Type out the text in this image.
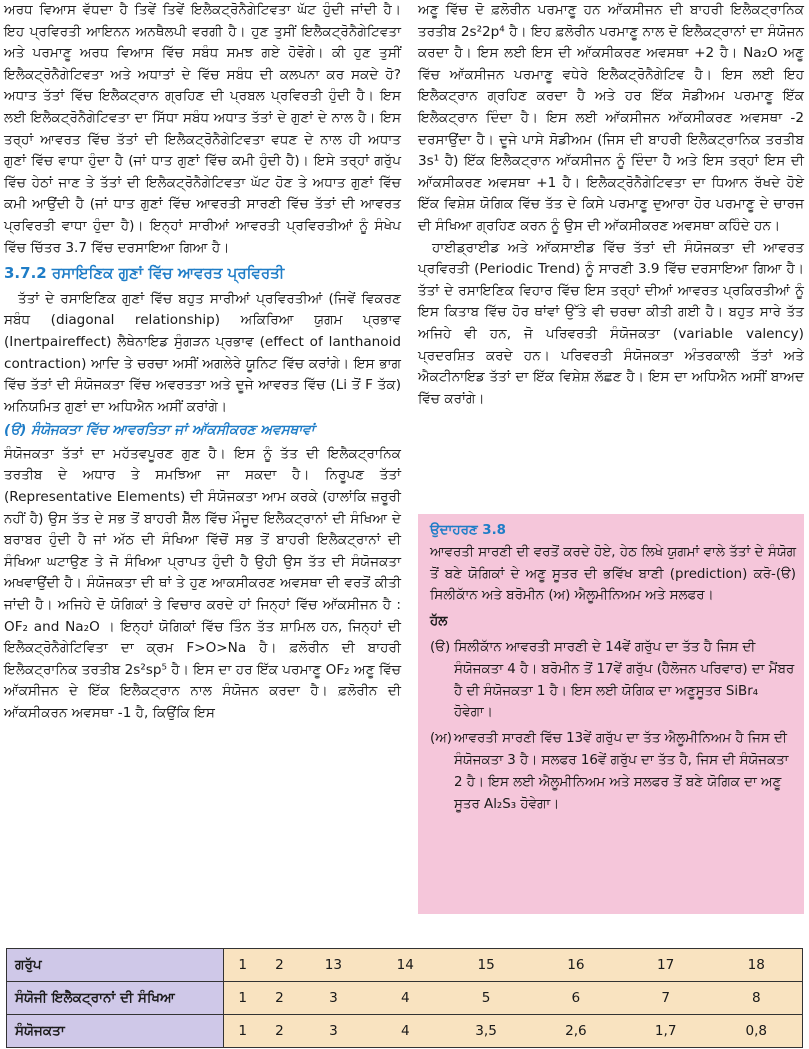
ਅਰਧ ਵਿਆਸ ਵੱਧਦਾ ਹੈ ਤਿਵੇਂ ਤਿਵੇਂ ਇਲੈਕਟ੍ਰੋਨੈਗੇਟਿਵਤਾ ਘੱਟ ਹੁੰਦੀ ਜਾਂਦੀ ਹੈ। ਇਹ ਪ੍ਰਵਿਰਤੀ ਆਇਨਨ ਅਨਥੈਲਪੀ ਵਰਗੀ ਹੈ। ਹੁਣ ਤੁਸੀਂ ਇਲੈਕਟ੍ਰੋਨੈਗੇਟਿਵਤਾ ਅਤੇ ਪਰਮਾਣੂ ਅਰਧ ਵਿਆਸ ਵਿੱਚ ਸਬੰਧ ਸਮਝ ਗਏ ਹੋਵੋਗੇ। ਕੀ ਹੁਣ ਤੁਸੀਂ ਇਲੈਕਟ੍ਰੋਨੈਗੇਟਿਵਤਾ ਅਤੇ ਅਧਾਤਾਂ ਦੇ ਵਿੱਚ ਸਬੰਧ ਦੀ ਕਲਪਨਾ ਕਰ ਸਕਦੇ ਹੋ? ਅਧਾਤ ਤੱਤਾਂ ਵਿੱਚ ਇਲੈਕਟ੍ਰਾਨ ਗ੍ਰਹਿਣ ਦੀ ਪ੍ਰਬਲ ਪ੍ਰਵਿਰਤੀ ਹੁੰਦੀ ਹੈ। ਇਸ ਲਈ ਇਲੈਕਟ੍ਰੋਨੈਗੇਟਿਵਤਾ ਦਾ ਸਿੱਧਾ ਸਬੰਧ ਅਧਾਤ ਤੱਤਾਂ ਦੇ ਗੁਣਾਂ ਦੇ ਨਾਲ ਹੈ। ਇਸ ਤਰ੍ਹਾਂ ਆਵਰਤ ਵਿੱਚ ਤੱਤਾਂ ਦੀ ਇਲੈਕਟ੍ਰੋਨੈਗੇਟਿਵਤਾ ਵਧਣ ਦੇ ਨਾਲ ਹੀ ਅਧਾਤ ਗੁਣਾਂ ਵਿੱਚ ਵਾਧਾ ਹੁੰਦਾ ਹੈ (ਜਾਂ ਧਾਤ ਗੁਣਾਂ ਵਿੱਚ ਕਮੀ ਹੁੰਦੀ ਹੈ)। ਇਸੇ ਤਰ੍ਹਾਂ ਗਰੁੱਪ ਵਿੱਚ ਹੇਠਾਂ ਜਾਣ ਤੇ ਤੱਤਾਂ ਦੀ ਇਲੈਕਟ੍ਰੋਨੈਗੇਟਿਵਤਾ ਘੱਟ ਹੋਣ ਤੇ ਅਧਾਤ ਗੁਣਾਂ ਵਿੱਚ ਕਮੀ ਆਉਂਦੀ ਹੈ (ਜਾਂ ਧਾਤ ਗੁਣਾਂ ਵਿੱਚ ਆਵਰਤੀ ਸਾਰਣੀ ਵਿੱਚ ਤੱਤਾਂ ਦੀ ਆਵਰਤ ਪ੍ਰਵਿਰਤੀ ਵਾਧਾ ਹੁੰਦਾ ਹੈ)। ਇਨ੍ਹਾਂ ਸਾਰੀਆਂ ਆਵਰਤੀ ਪ੍ਰਵਿਰਤੀਆਂ ਨੂੰ ਸੰਖੇਪ ਵਿੱਚ ਚਿੱਤਰ 3.7 ਵਿੱਚ ਦਰਸਾਇਆ ਗਿਆ ਹੈ।

3.7.2 ਰਸਾਇਣਿਕ ਗੁਣਾਂ ਵਿੱਚ ਆਵਰਤ ਪ੍ਰਵਿਰਤੀ

ਤੱਤਾਂ ਦੇ ਰਸਾਇਣਿਕ ਗੁਣਾਂ ਵਿੱਚ ਬਹੁਤ ਸਾਰੀਆਂ ਪ੍ਰਵਿਰਤੀਆਂ (ਜਿਵੇਂ ਵਿਕਰਣ ਸਬੰਧ (diagonal relationship) ਅਕਿਰਿਆ ਯੁਗਮ ਪ੍ਰਭਾਵ (Inertpaireffect) ਲੈਥੇਨਾਇਡ ਸੁੰਗੜਨ ਪ੍ਰਭਾਵ (effect of lanthanoid contraction) ਆਦਿ ਤੇ ਚਰਚਾ ਅਸੀਂ ਅਗਲੇਰੇ ਯੂਨਿਟ ਵਿੱਚ ਕਰਾਂਗੇ। ਇਸ ਭਾਗ ਵਿੱਚ ਤੱਤਾਂ ਦੀ ਸੰਯੋਜਕਤਾ ਵਿੱਚ ਅਵਰਤਤਾ ਅਤੇ ਦੂਜੇ ਆਵਰਤ ਵਿੱਚ (Li ਤੋਂ F ਤੱਕ) ਅਨਿਯਮਿਤ ਗੁਣਾਂ ਦਾ ਅਧਿਐਨ ਅਸੀਂ ਕਰਾਂਗੇ।

(ੳ) ਸੰਯੋਜਕਤਾ ਵਿੱਚ ਆਵਰਤਿਤਾ ਜਾਂ ਆੱਕਸੀਕਰਣ ਅਵਸਥਾਵਾਂ

ਸੰਯੋਜਕਤਾ ਤੱਤਾਂ ਦਾ ਮਹੱਤਵਪੂਰਣ ਗੁਣ ਹੈ। ਇਸ ਨੂੰ ਤੱਤ ਦੀ ਇਲੈਕਟ੍ਰਾਨਿਕ ਤਰਤੀਬ ਦੇ ਅਧਾਰ ਤੇ ਸਮਝਿਆ ਜਾ ਸਕਦਾ ਹੈ। ਨਿਰੂਪਣ ਤੱਤਾਂ (Representative Elements) ਦੀ ਸੰਯੋਜਕਤਾ ਆਮ ਕਰਕੇ (ਹਾਲਾਂਕਿ ਜ਼ਰੂਰੀ ਨਹੀਂ ਹੈ) ਉਸ ਤੱਤ ਦੇ ਸਭ ਤੋਂ ਬਾਹਰੀ ਸ਼ੈੱਲ ਵਿੱਚ ਮੌਜੂਦ ਇਲੈਕਟ੍ਰਾਨਾਂ ਦੀ ਸੰਖਿਆ ਦੇ ਬਰਾਬਰ ਹੁੰਦੀ ਹੈ ਜਾਂ ਅੱਠ ਦੀ ਸੰਖਿਆ ਵਿੱਚੋਂ ਸਭ ਤੋਂ ਬਾਹਰੀ ਇਲੈਕਟ੍ਰਾਨਾਂ ਦੀ ਸੰਖਿਆ ਘਟਾਉਣ ਤੇ ਜੋ ਸੰਖਿਆ ਪ੍ਰਾਪਤ ਹੁੰਦੀ ਹੈ ਉਹੀ ਉਸ ਤੱਤ ਦੀ ਸੰਯੋਜਕਤਾ ਅਖਵਾਉਂਦੀ ਹੈ। ਸੰਯੋਜਕਤਾ ਦੀ ਥਾਂ ਤੇ ਹੁਣ ਆਕਸੀਕਰਣ ਅਵਸਥਾ ਦੀ ਵਰਤੋਂ ਕੀਤੀ ਜਾਂਦੀ ਹੈ। ਅਜਿਹੇ ਦੋ ਯੋਗਿਕਾਂ ਤੇ ਵਿਚਾਰ ਕਰਦੇ ਹਾਂ ਜਿਨ੍ਹਾਂ ਵਿੱਚ ਆੱਕਸੀਜਨ ਹੈ : OF₂ and Na₂O । ਇਨ੍ਹਾਂ ਯੋਗਿਕਾਂ ਵਿੱਚ ਤਿੰਨ ਤੱਤ ਸ਼ਾਮਿਲ ਹਨ, ਜਿਨ੍ਹਾਂ ਦੀ ਇਲੈਕਟ੍ਰੋਨੈਗੇਟਿਵਿਤਾ ਦਾ ਕ੍ਰਮ F>O>Na ਹੈ। ਫ਼ਲੋਰੀਨ ਦੀ ਬਾਹਰੀ ਇਲੈਕਟ੍ਰਾਨਿਕ ਤਰਤੀਬ 2s²sp⁵ ਹੈ। ਇਸ ਦਾ ਹਰ ਇੱਕ ਪਰਮਾਣੂ OF₂ ਅਣੂ ਵਿੱਚ ਆੱਕਸੀਜਨ ਦੇ ਇੱਕ ਇਲੈਕਟ੍ਰਾਨ ਨਾਲ ਸੰਯੋਜਨ ਕਰਦਾ ਹੈ। ਫ਼ਲੋਰੀਨ ਦੀ ਆੱਕਸੀਕਰਨ ਅਵਸਥਾ -1 ਹੈ, ਕਿਉਂਕਿ ਇਸ

ਅਣੂ ਵਿੱਚ ਦੋ ਫ਼ਲੋਰੀਨ ਪਰਮਾਣੂ ਹਨ ਆੱਕਸੀਜਨ ਦੀ ਬਾਹਰੀ ਇਲੈਕਟ੍ਰਾਨਿਕ ਤਰਤੀਬ 2s²2p⁴ ਹੈ। ਇਹ ਫ਼ਲੋਰੀਨ ਪਰਮਾਣੂ ਨਾਲ ਦੋ ਇਲੈਕਟ੍ਰਾਨਾਂ ਦਾ ਸੰਯੋਜਨ ਕਰਦਾ ਹੈ। ਇਸ ਲਈ ਇਸ ਦੀ ਆੱਕਸੀਕਰਣ ਅਵਸਥਾ +2 ਹੈ। Na₂O ਅਣੂ ਵਿੱਚ ਆੱਕਸੀਜਨ ਪਰਮਾਣੂ ਵਧੇਰੇ ਇਲੈਕਟ੍ਰੋਨੈਗੇਟਿਵ ਹੈ। ਇਸ ਲਈ ਇਹ ਇਲੈਕਟ੍ਰਾਨ ਗ੍ਰਹਿਣ ਕਰਦਾ ਹੈ ਅਤੇ ਹਰ ਇੱਕ ਸੋਡੀਅਮ ਪਰਮਾਣੂ ਇੱਕ ਇਲੈਕਟ੍ਰਾਨ ਦਿੰਦਾ ਹੈ। ਇਸ ਲਈ ਆੱਕਸੀਜਨ ਆੱਕਸੀਕਰਣ ਅਵਸਥਾ -2 ਦਰਸਾਉਂਦਾ ਹੈ। ਦੂਜੇ ਪਾਸੇ ਸੋਡੀਅਮ (ਜਿਸ ਦੀ ਬਾਹਰੀ ਇਲੈਕਟ੍ਰਾਨਿਕ ਤਰਤੀਬ 3s¹ ਹੈ) ਇੱਕ ਇਲੈਕਟ੍ਰਾਨ ਆੱਕਸੀਜਨ ਨੂੰ ਦਿੰਦਾ ਹੈ ਅਤੇ ਇਸ ਤਰ੍ਹਾਂ ਇਸ ਦੀ ਆੱਕਸੀਕਰਣ ਅਵਸਥਾ +1 ਹੈ। ਇਲੈਕਟ੍ਰੋਨੈਗੇਟਿਵਤਾ ਦਾ ਧਿਆਨ ਰੱਖਦੇ ਹੋਏ ਇੱਕ ਵਿਸ਼ੇਸ਼ ਯੋਗਿਕ ਵਿੱਚ ਤੱਤ ਦੇ ਕਿਸੇ ਪਰਮਾਣੂ ਦੁਆਰਾ ਹੋਰ ਪਰਮਾਣੂ ਦੇ ਚਾਰਜ ਦੀ ਸੰਖਿਆ ਗ੍ਰਹਿਣ ਕਰਨ ਨੂੰ ਉਸ ਦੀ ਆੱਕਸੀਕਰਣ ਅਵਸਥਾ ਕਹਿੰਦੇ ਹਨ।

ਹਾਈਡ੍ਰਾਈਡ ਅਤੇ ਆੱਕਸਾਈਡ ਵਿੱਚ ਤੱਤਾਂ ਦੀ ਸੰਯੋਜਕਤਾ ਦੀ ਆਵਰਤ ਪ੍ਰਵਿਰਤੀ (Periodic Trend) ਨੂੰ ਸਾਰਣੀ 3.9 ਵਿੱਚ ਦਰਸਾਇਆ ਗਿਆ ਹੈ। ਤੱਤਾਂ ਦੇ ਰਸਾਇਣਿਕ ਵਿਹਾਰ ਵਿੱਚ ਇਸ ਤਰ੍ਹਾਂ ਦੀਆਂ ਆਵਰਤ ਪ੍ਰਕਿਰਤੀਆਂ ਨੂੰ ਇਸ ਕਿਤਾਬ ਵਿੱਚ ਹੋਰ ਥਾਂਵਾਂ ਉੱਤੇ ਵੀ ਚਰਚਾ ਕੀਤੀ ਗਈ ਹੈ। ਬਹੁਤ ਸਾਰੇ ਤੱਤ ਅਜਿਹੇ ਵੀ ਹਨ, ਜੋ ਪਰਿਵਰਤੀ ਸੰਯੋਜਕਤਾ (variable valency) ਪ੍ਰਦਰਸ਼ਿਤ ਕਰਦੇ ਹਨ। ਪਰਿਵਰਤੀ ਸੰਯੋਜਕਤਾ ਅੰਤਰਕਾਲੀ ਤੱਤਾਂ ਅਤੇ ਐਕਟੀਨਾਇਡ ਤੱਤਾਂ ਦਾ ਇੱਕ ਵਿਸ਼ੇਸ਼ ਲੱਛਣ ਹੈ। ਇਸ ਦਾ ਅਧਿਐਨ ਅਸੀਂ ਬਾਅਦ ਵਿੱਚ ਕਰਾਂਗੇ।

ਉਦਾਹਰਣ 3.8

ਆਵਰਤੀ ਸਾਰਣੀ ਦੀ ਵਰਤੋਂ ਕਰਦੇ ਹੋਏ, ਹੇਠ ਲਿਖੇ ਯੁਗਮਾਂ ਵਾਲੇ ਤੱਤਾਂ ਦੇ ਸੰਯੋਗ ਤੋਂ ਬਣੇ ਯੋਗਿਕਾਂ ਦੇ ਅਣੂ ਸੂਤਰ ਦੀ ਭਵਿੱਖ ਬਾਣੀ (prediction) ਕਰੋ-(ੳ) ਸਿਲੀਕਾੱਨ ਅਤੇ ਬਰੋਮੀਨ (ਅ) ਐਲੂਮੀਨਿਅਮ ਅਤੇ ਸਲਫਰ।

ਹੱਲ

(ੳ) ਸਿਲੀਕਾੱਨ ਆਵਰਤੀ ਸਾਰਣੀ ਦੇ 14ਵੇਂ ਗਰੁੱਪ ਦਾ ਤੱਤ ਹੈ ਜਿਸ ਦੀ ਸੰਯੋਜਕਤਾ 4 ਹੈ। ਬਰੋਮੀਨ ਤੋਂ 17ਵੇਂ ਗਰੁੱਪ (ਹੈਲੋਜਨ ਪਰਿਵਾਰ) ਦਾ ਮੈਂਬਰ ਹੈ ਦੀ ਸੰਯੋਜਕਤਾ 1 ਹੈ। ਇਸ ਲਈ ਯੋਗਿਕ ਦਾ ਅਣੂਸੂਤਰ SiBr₄ ਹੋਵੇਗਾ।
(ਅ) ਆਵਰਤੀ ਸਾਰਣੀ ਵਿੱਚ 13ਵੇਂ ਗਰੁੱਪ ਦਾ ਤੱਤ ਐਲੂਮੀਨਿਅਮ ਹੈ ਜਿਸ ਦੀ ਸੰਯੋਜਕਤਾ 3 ਹੈ। ਸਲਫਰ 16ਵੇਂ ਗਰੁੱਪ ਦਾ ਤੱਤ ਹੈ, ਜਿਸ ਦੀ ਸੰਯੋਜਕਤਾ 2 ਹੈ। ਇਸ ਲਈ ਐਲੂਮੀਨਿਅਮ ਅਤੇ ਸਲਫਰ ਤੋਂ ਬਣੇ ਯੋਗਿਕ ਦਾ ਅਣੂ ਸੂਤਰ Al₂S₃ ਹੋਵੇਗਾ।
ਗਰੁੱਪ	1	2	13	14	15	16	17	18
ਸੰਯੋਜੀ ਇਲੈਕਟ੍ਰਾਨਾਂ ਦੀ ਸੰਖਿਆ	1	2	3	4	5	6	7	8
ਸੰਯੋਜਕਤਾ	1	2	3	4	3,5	2,6	1,7	0,8
